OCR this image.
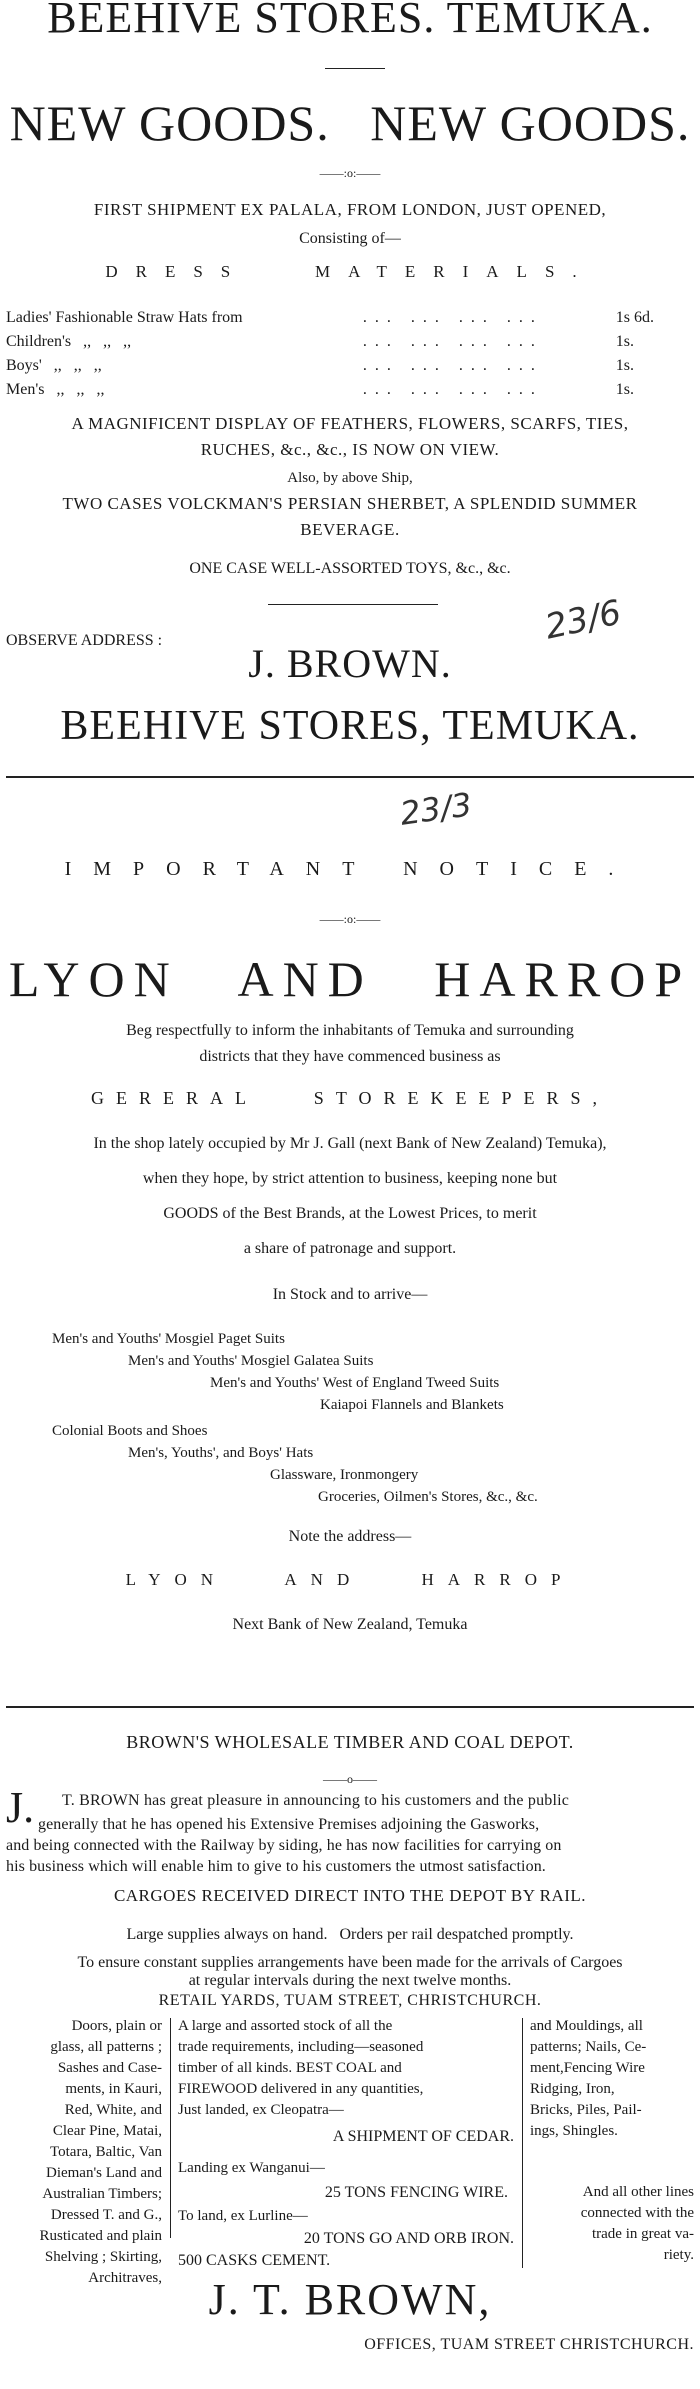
BEEHIVE STORES. TEMUKA.
NEW GOODS.   NEW GOODS.
——:o:——
FIRST SHIPMENT EX PALALA, FROM LONDON, JUST OPENED,
Consisting of—
DRESS   MATERIALS.
Ladies' Fashionable Straw Hats from	... ... ... ...	1s 6d.
Children's   ,,   ,,   ,,	... ... ... ...	1s.
Boys'   ,,   ,,   ,,	... ... ... ...	1s.
Men's   ,,   ,,   ,,	... ... ... ...	1s.
A MAGNIFICENT DISPLAY OF FEATHERS, FLOWERS, SCARFS, TIES,
RUCHES, &c., &c., IS NOW ON VIEW.
Also, by above Ship,
TWO CASES VOLCKMAN'S PERSIAN SHERBET, A SPLENDID SUMMER
BEVERAGE.
ONE CASE WELL-ASSORTED TOYS, &c., &c.
OBSERVE ADDRESS :	23/6
J. BROWN.
BEEHIVE STORES, TEMUKA.
23/3
IMPORTANT NOTICE.
——:o:——
LYON AND HARROP
Beg respectfully to inform the inhabitants of Temuka and surrounding
districts that they have commenced business as
GERERAL STOREKEEPERS,
In the shop lately occupied by Mr J. Gall (next Bank of New Zealand) Temuka),
when they hope, by strict attention to business, keeping none but
GOODS of the Best Brands, at the Lowest Prices, to merit
a share of patronage and support.
In Stock and to arrive—
Men's and Youths' Mosgiel Paget Suits
Men's and Youths' Mosgiel Galatea Suits
Men's and Youths' West of England Tweed Suits
Kaiapoi Flannels and Blankets
Colonial Boots and Shoes
Men's, Youths', and Boys' Hats
Glassware, Ironmongery
Groceries, Oilmen's Stores, &c., &c.
Note the address—
LYON AND HARROP
Next Bank of New Zealand, Temuka
BROWN'S WHOLESALE TIMBER AND COAL DEPOT.
——o——
J. T. BROWN has great pleasure in announcing to his customers and the public
generally that he has opened his Extensive Premises adjoining the Gasworks,
and being connected with the Railway by siding, he has now facilities for carrying on
his business which will enable him to give to his customers the utmost satisfaction.
CARGOES RECEIVED DIRECT INTO THE DEPOT BY RAIL.
Large supplies always on hand.   Orders per rail despatched promptly.
To ensure constant supplies arrangements have been made for the arrivals of Cargoes
at regular intervals during the next twelve months.
RETAIL YARDS, TUAM STREET, CHRISTCHURCH.
Doors, plain or
glass, all patterns ;
Sashes and Case-
ments, in Kauri,
Red, White, and
Clear Pine, Matai,
Totara, Baltic, Van
Dieman's Land and
Australian Timbers;
Dressed T. and G.,
Rusticated and plain
Shelving ; Skirting,
Architraves,
A large and assorted stock of all the
trade requirements, including—seasoned
timber of all kinds. BEST COAL and
FIREWOOD delivered in any quantities,
Just landed, ex Cleopatra—
A SHIPMENT OF CEDAR.
Landing ex Wanganui—
25 TONS FENCING WIRE.
To land, ex Lurline—
20 TONS GO AND ORB IRON.
500 CASKS CEMENT.
and Mouldings, all
patterns; Nails, Ce-
ment,Fencing Wire
Ridging, Iron,
Bricks, Piles, Pail-
ings, Shingles.
And all other lines
connected with the
trade in great va-
riety.
J. T. BROWN,
OFFICES, TUAM STREET CHRISTCHURCH.
